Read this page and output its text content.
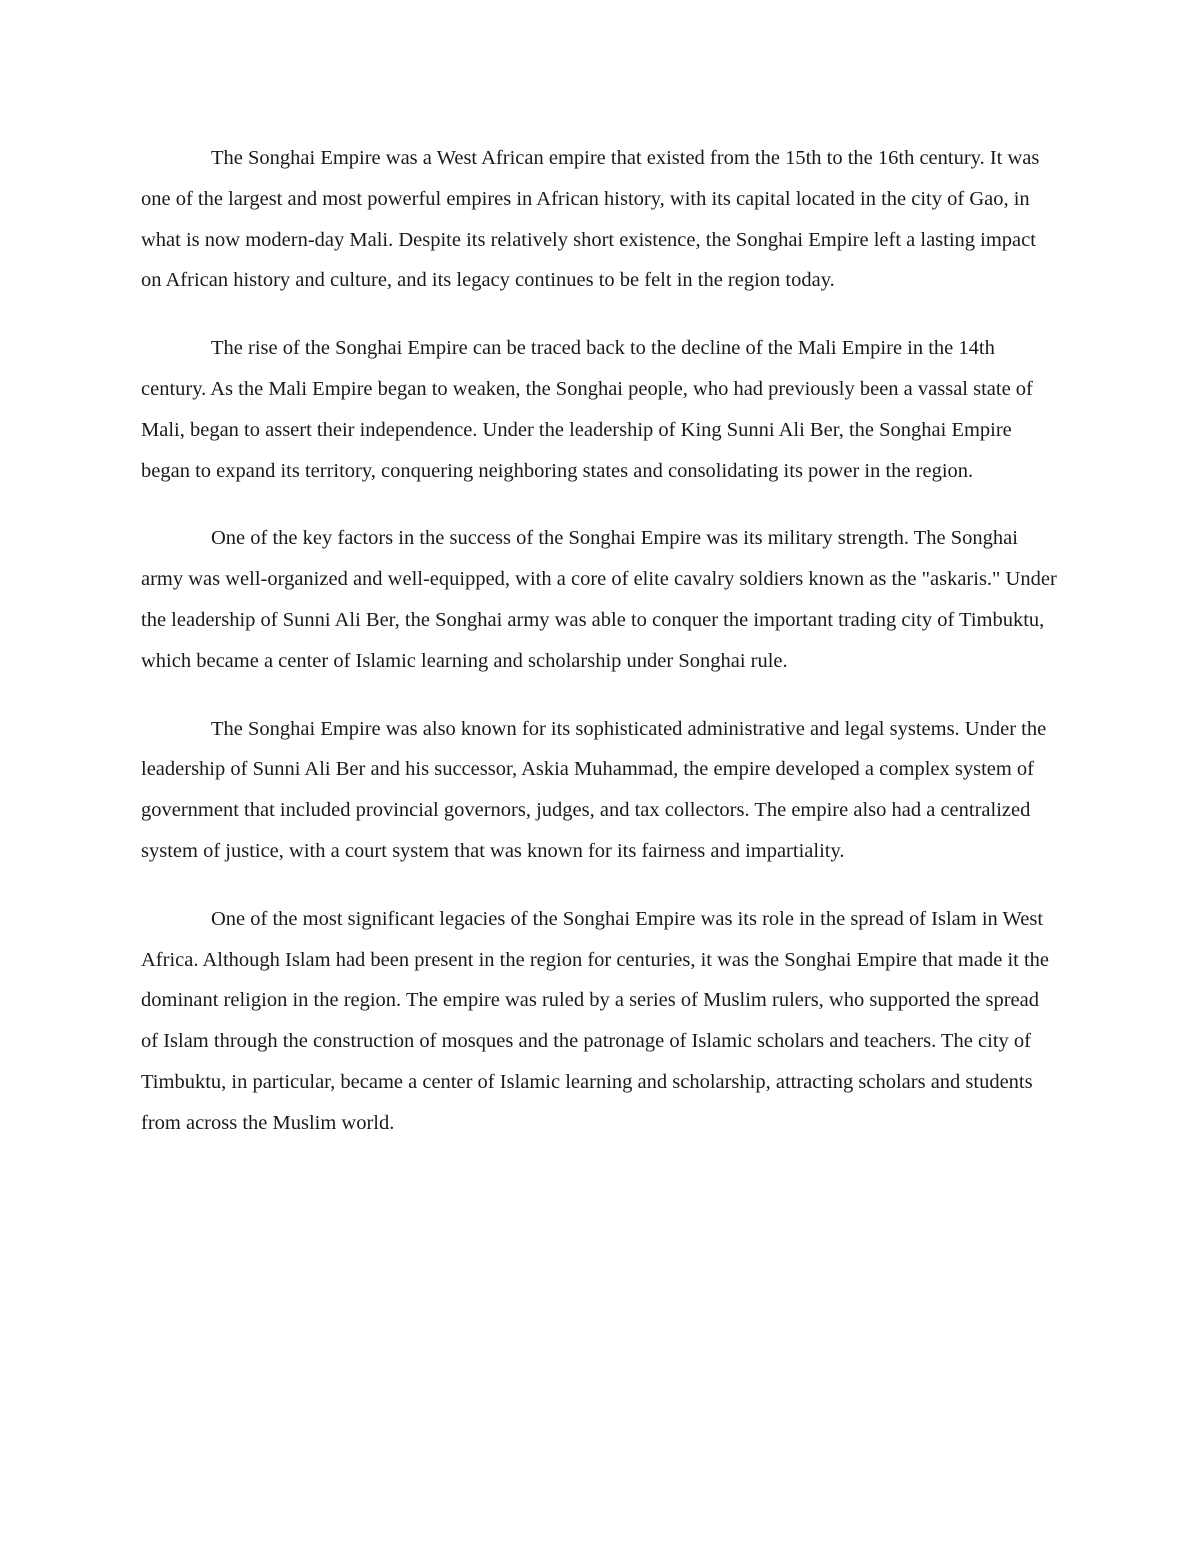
The Songhai Empire was a West African empire that existed from the 15th to the 16th century. It was one of the largest and most powerful empires in African history, with its capital located in the city of Gao, in what is now modern-day Mali. Despite its relatively short existence, the Songhai Empire left a lasting impact on African history and culture, and its legacy continues to be felt in the region today.

The rise of the Songhai Empire can be traced back to the decline of the Mali Empire in the 14th century. As the Mali Empire began to weaken, the Songhai people, who had previously been a vassal state of Mali, began to assert their independence. Under the leadership of King Sunni Ali Ber, the Songhai Empire began to expand its territory, conquering neighboring states and consolidating its power in the region.

One of the key factors in the success of the Songhai Empire was its military strength. The Songhai army was well-organized and well-equipped, with a core of elite cavalry soldiers known as the "askaris." Under the leadership of Sunni Ali Ber, the Songhai army was able to conquer the important trading city of Timbuktu, which became a center of Islamic learning and scholarship under Songhai rule.

The Songhai Empire was also known for its sophisticated administrative and legal systems. Under the leadership of Sunni Ali Ber and his successor, Askia Muhammad, the empire developed a complex system of government that included provincial governors, judges, and tax collectors. The empire also had a centralized system of justice, with a court system that was known for its fairness and impartiality.

One of the most significant legacies of the Songhai Empire was its role in the spread of Islam in West Africa. Although Islam had been present in the region for centuries, it was the Songhai Empire that made it the dominant religion in the region. The empire was ruled by a series of Muslim rulers, who supported the spread of Islam through the construction of mosques and the patronage of Islamic scholars and teachers. The city of Timbuktu, in particular, became a center of Islamic learning and scholarship, attracting scholars and students from across the Muslim world.
